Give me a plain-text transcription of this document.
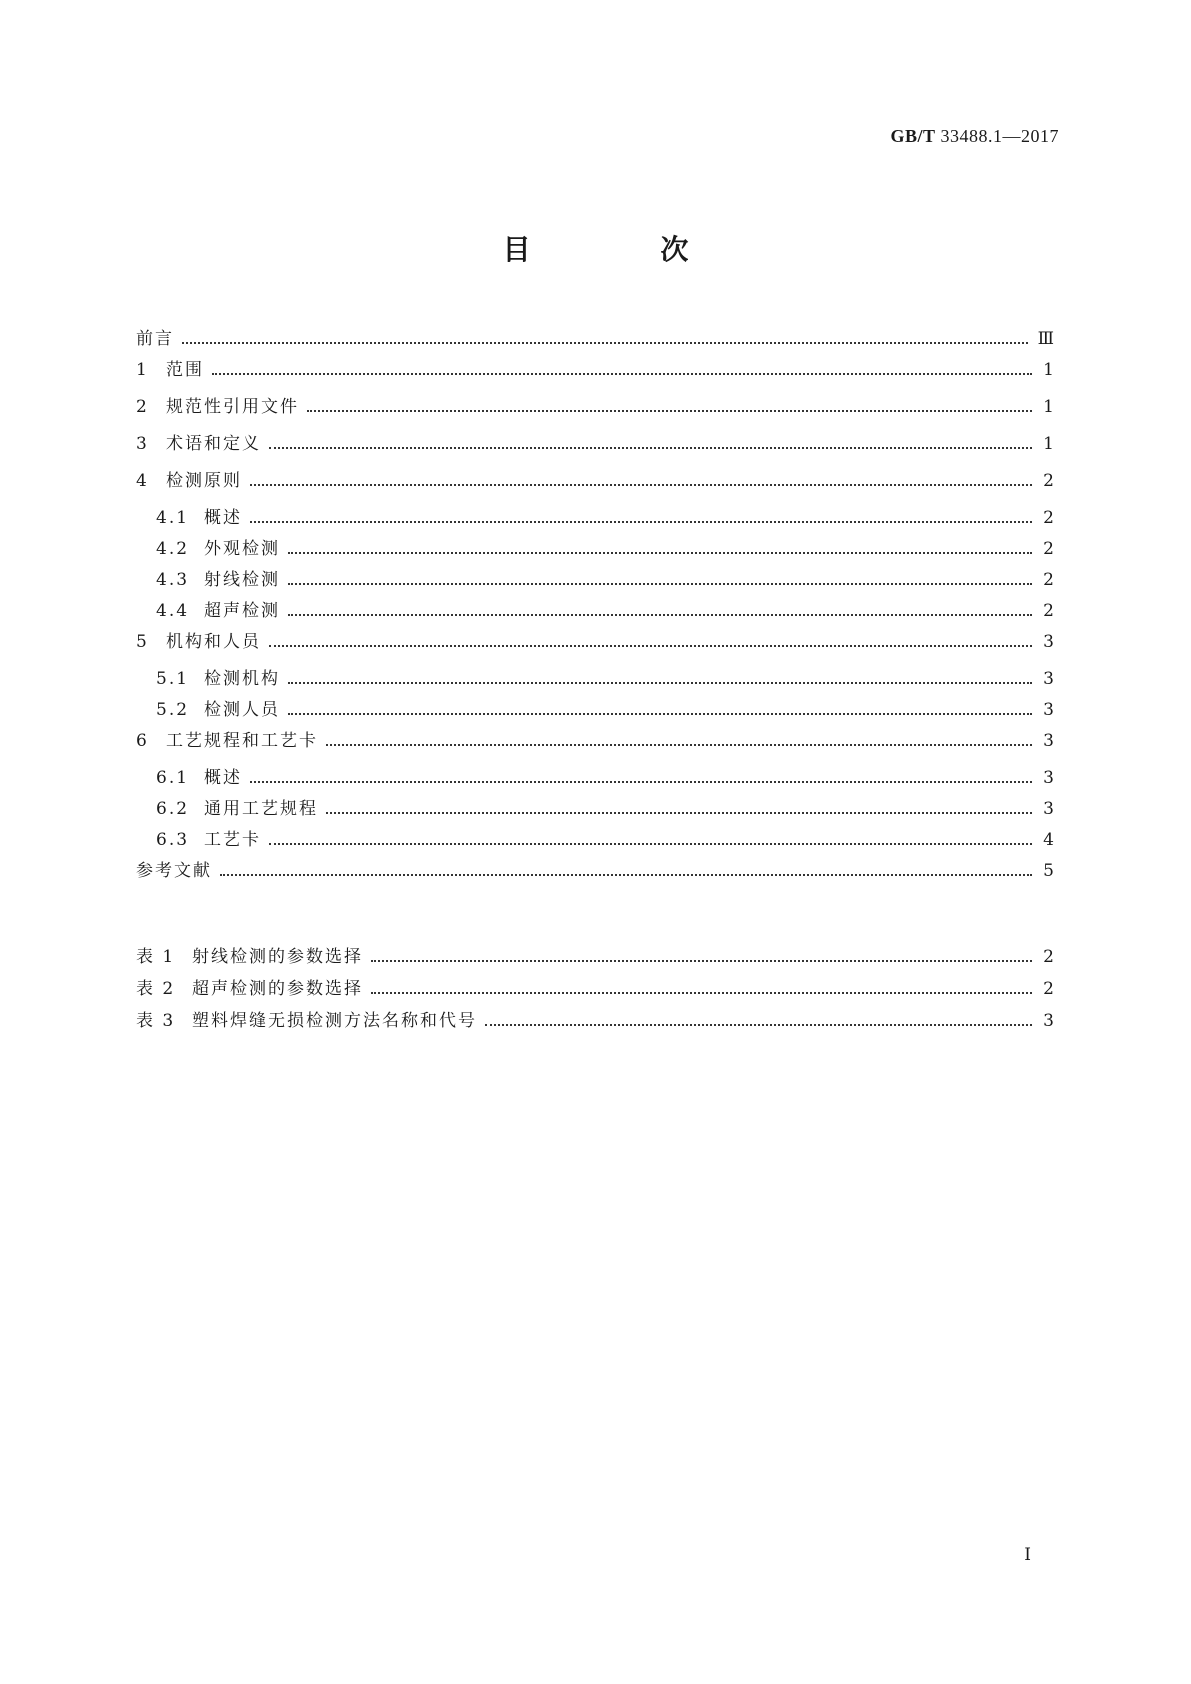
GB/T 33488.1—2017
目 次
前言	Ⅲ
1	范围	1
2	规范性引用文件	1
3	术语和定义	1
4	检测原则	2
4.1 概述	2
4.2 外观检测	2
4.3 射线检测	2
4.4 超声检测	2
5	机构和人员	3
5.1 检测机构	3
5.2 检测人员	3
6	工艺规程和工艺卡	3
6.1 概述	3
6.2 通用工艺规程	3
6.3 工艺卡	4
参考文献	5
表 1 射线检测的参数选择	2
表 2 超声检测的参数选择	2
表 3 塑料焊缝无损检测方法名称和代号	3
I
